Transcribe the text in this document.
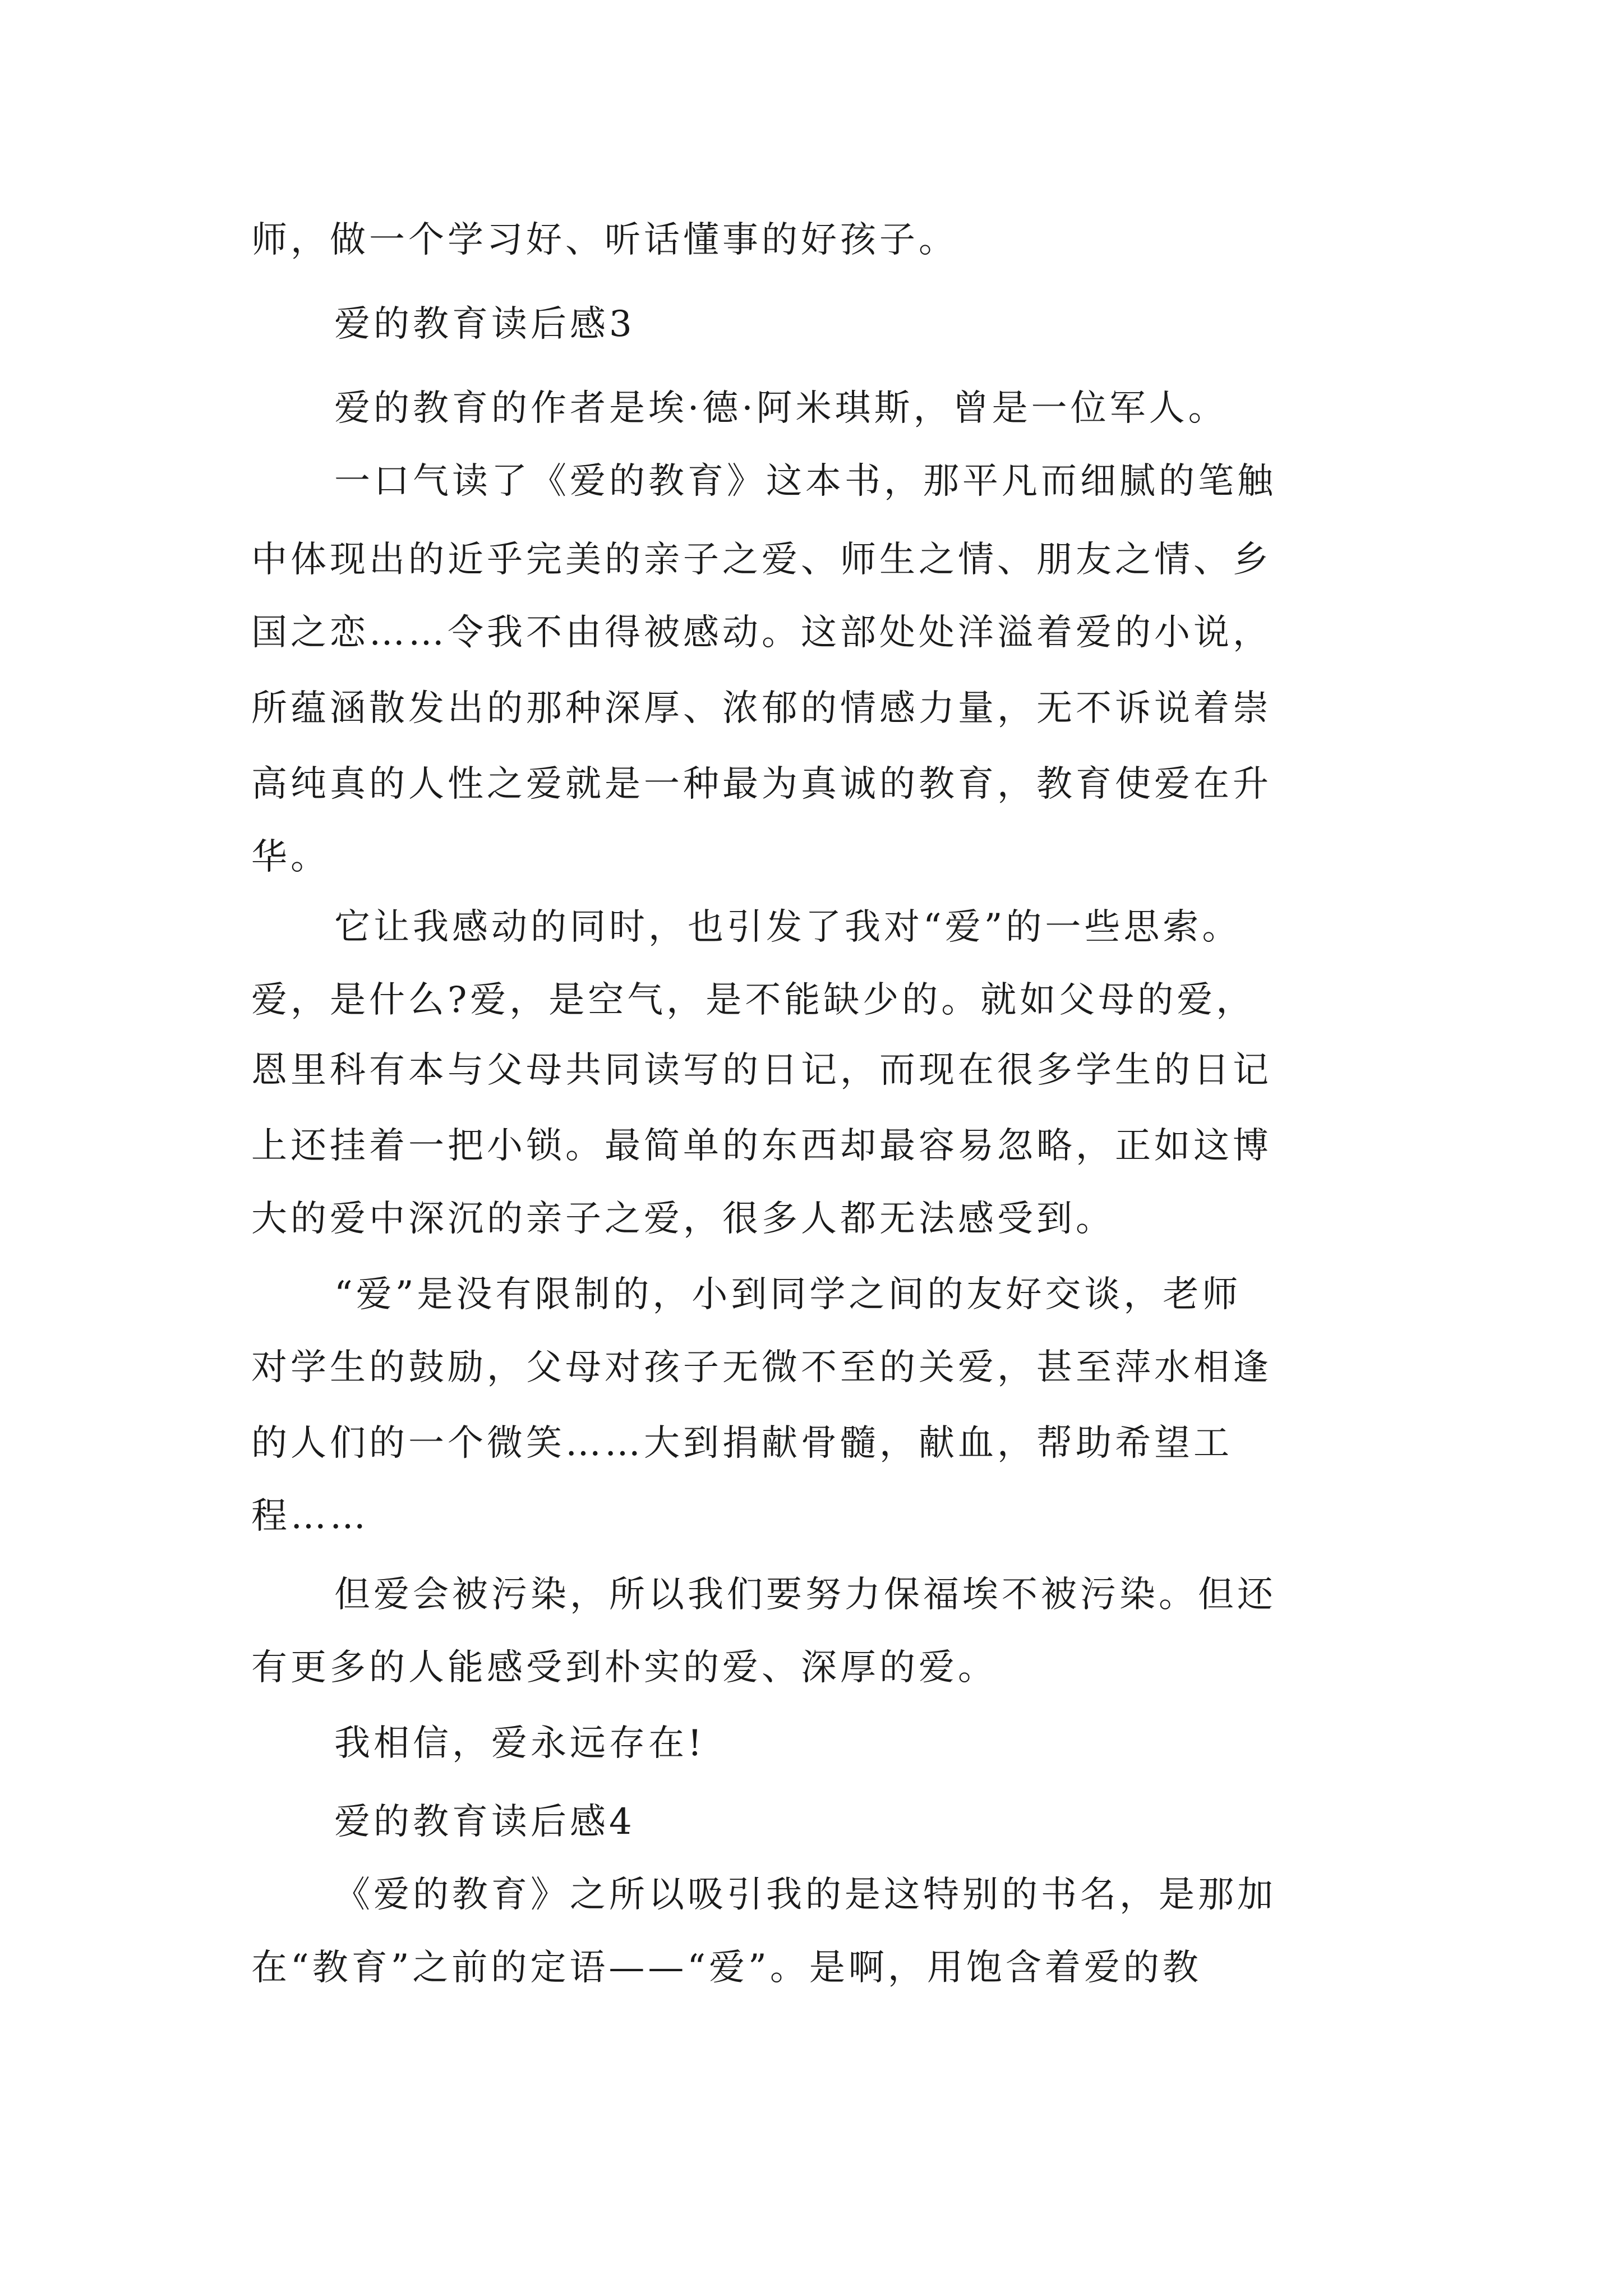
师，做一个学习好、听话懂事的好孩子。
爱的教育读后感3
爱的教育的作者是埃·德·阿米琪斯，曾是一位军人。
一口气读了《爱的教育》这本书，那平凡而细腻的笔触
中体现出的近乎完美的亲子之爱、师生之情、朋友之情、乡
国之恋……令我不由得被感动。这部处处洋溢着爱的小说，
所蕴涵散发出的那种深厚、浓郁的情感力量，无不诉说着崇
高纯真的人性之爱就是一种最为真诚的教育，教育使爱在升
华。
它让我感动的同时，也引发了我对“爱”的一些思索。
爱，是什么?爱，是空气，是不能缺少的。就如父母的爱，
恩里科有本与父母共同读写的日记，而现在很多学生的日记
上还挂着一把小锁。最简单的东西却最容易忽略，正如这博
大的爱中深沉的亲子之爱，很多人都无法感受到。
“爱”是没有限制的，小到同学之间的友好交谈，老师
对学生的鼓励，父母对孩子无微不至的关爱，甚至萍水相逢
的人们的一个微笑……大到捐献骨髓，献血，帮助希望工
程……
但爱会被污染，所以我们要努力保福埃不被污染。但还
有更多的人能感受到朴实的爱、深厚的爱。
我相信，爱永远存在!
爱的教育读后感4
《爱的教育》之所以吸引我的是这特别的书名，是那加
在“教育”之前的定语——“爱”。是啊，用饱含着爱的教
